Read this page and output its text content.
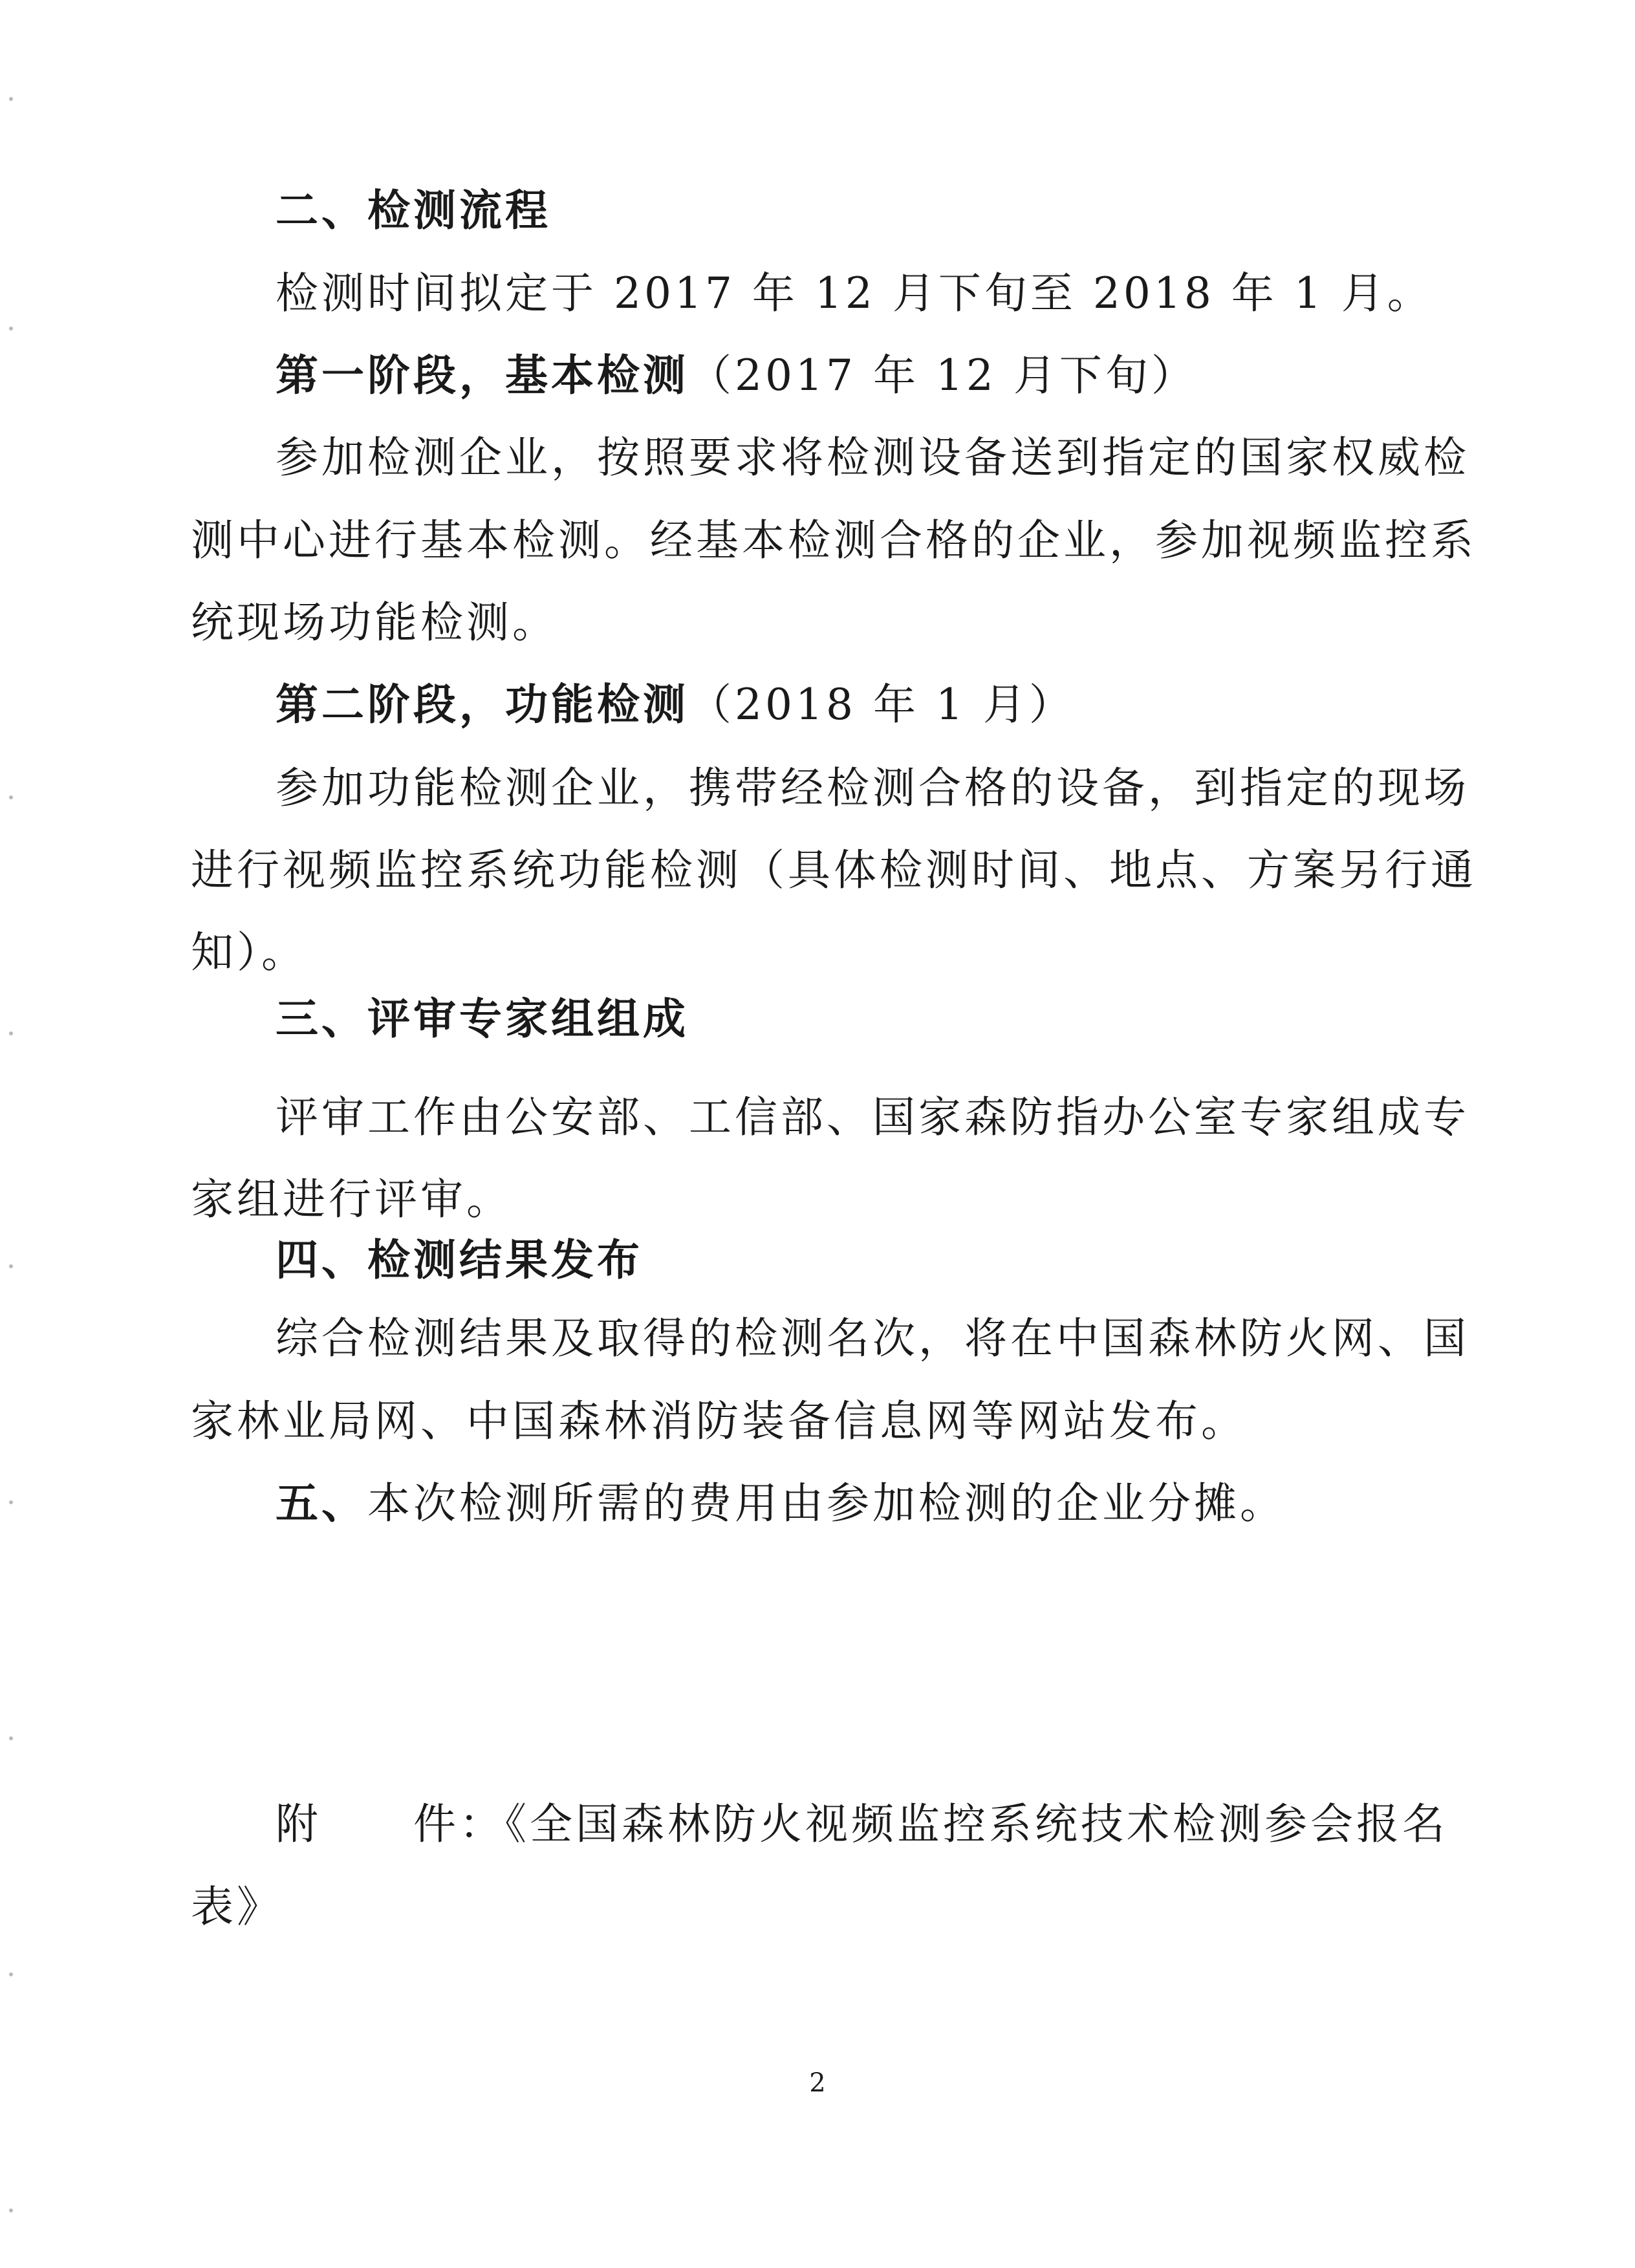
二、检测流程
检测时间拟定于 2017 年 12 月下旬至 2018 年 1 月。
第一阶段，基本检测（2017 年 12 月下旬）
参加检测企业，按照要求将检测设备送到指定的国家权威检
测中心进行基本检测。经基本检测合格的企业，参加视频监控系
统现场功能检测。
第二阶段，功能检测（2018 年 1 月）
参加功能检测企业，携带经检测合格的设备，到指定的现场
进行视频监控系统功能检测（具体检测时间、地点、方案另行通
知）。
三、评审专家组组成
评审工作由公安部、工信部、国家森防指办公室专家组成专
家组进行评审。
四、检测结果发布
综合检测结果及取得的检测名次，将在中国森林防火网、国
家林业局网、中国森林消防装备信息网等网站发布。
五、本次检测所需的费用由参加检测的企业分摊。
附　　件：《全国森林防火视频监控系统技术检测参会报名
表》
2
